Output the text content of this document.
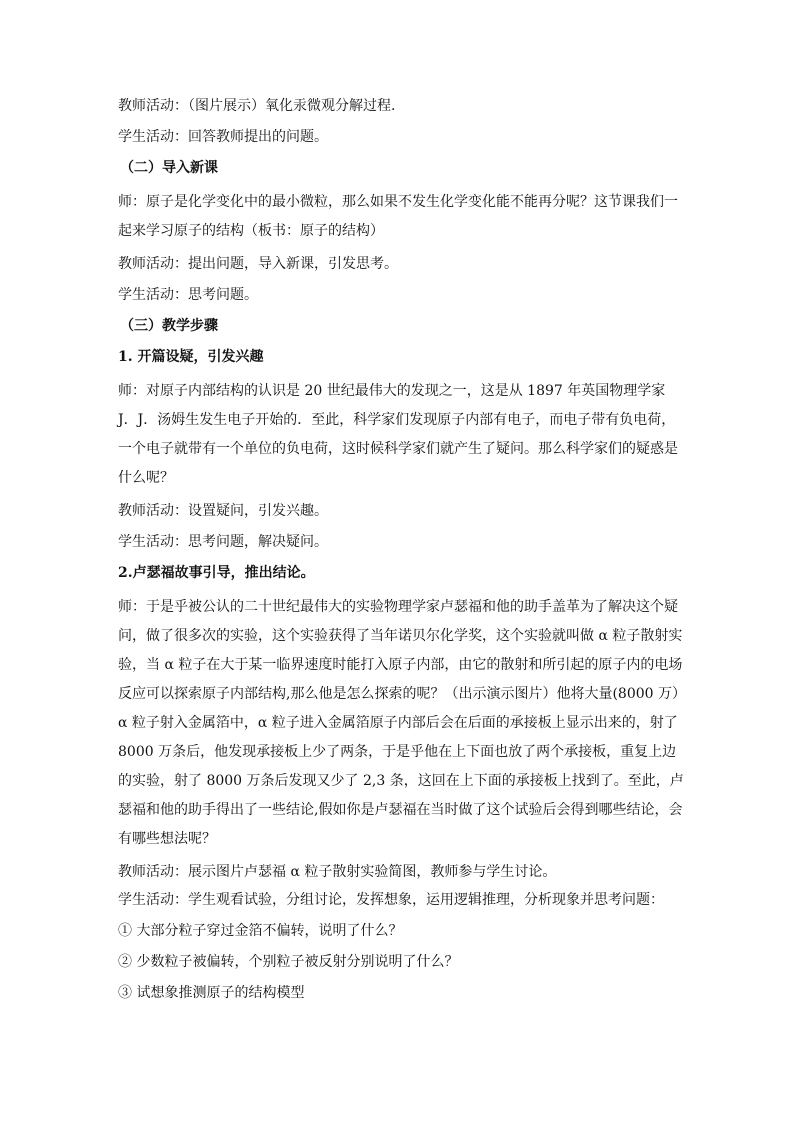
教师活动：（图片展示）氧化汞微观分解过程.
学生活动：回答教师提出的问题。
（二）导入新课
师：原子是化学变化中的最小微粒，那么如果不发生化学变化能不能再分呢？这节课我们一起来学习原子的结构（板书：原子的结构）
教师活动：提出问题，导入新课，引发思考。
学生活动：思考问题。
（三）教学步骤
1. 开篇设疑，引发兴趣
师：对原子内部结构的认识是 20 世纪最伟大的发现之一，这是从 1897 年英国物理学家 J．J．汤姆生发生电子开始的．至此，科学家们发现原子内部有电子，而电子带有负电荷，一个电子就带有一个单位的负电荷，这时候科学家们就产生了疑问。那么科学家们的疑惑是什么呢？
教师活动：设置疑问，引发兴趣。
学生活动：思考问题，解决疑问。
2.卢瑟福故事引导，推出结论。
师：于是乎被公认的二十世纪最伟大的实验物理学家卢瑟福和他的助手盖革为了解决这个疑问，做了很多次的实验，这个实验获得了当年诺贝尔化学奖，这个实验就叫做 α 粒子散射实验，当 α 粒子在大于某一临界速度时能打入原子内部，由它的散射和所引起的原子内的电场反应可以探索原子内部结构,那么他是怎么探索的呢？（出示演示图片）他将大量(8000 万）α 粒子射入金属箔中，α 粒子进入金属箔原子内部后会在后面的承接板上显示出来的，射了 8000 万条后，他发现承接板上少了两条，于是乎他在上下面也放了两个承接板，重复上边的实验，射了 8000 万条后发现又少了 2,3 条，这回在上下面的承接板上找到了。至此，卢瑟福和他的助手得出了一些结论,假如你是卢瑟福在当时做了这个试验后会得到哪些结论，会有哪些想法呢？
教师活动：展示图片卢瑟福 α 粒子散射实验简图，教师参与学生讨论。
学生活动：学生观看试验，分组讨论，发挥想象，运用逻辑推理，分析现象并思考问题：
① 大部分粒子穿过金箔不偏转，说明了什么？
② 少数粒子被偏转，个别粒子被反射分别说明了什么？
③ 试想象推测原子的结构模型
